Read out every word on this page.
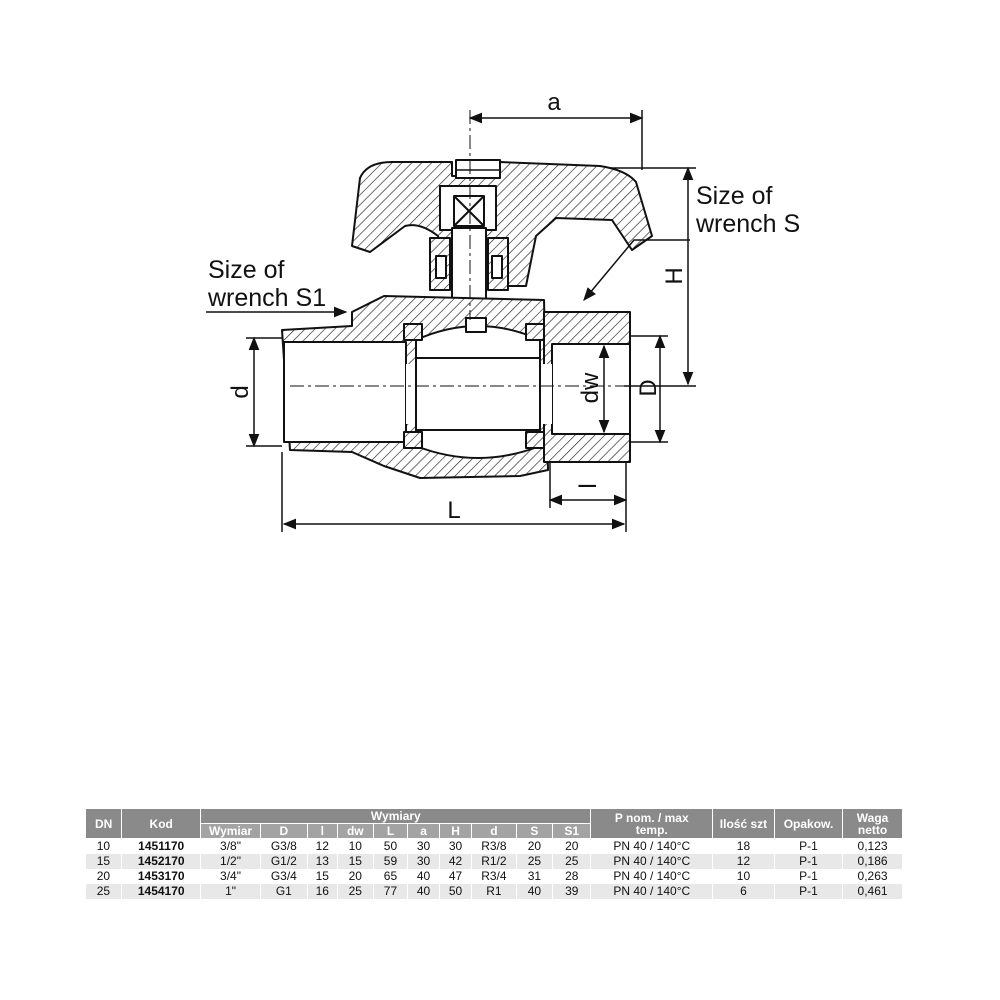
a
Size of
wrench S
Size of
wrench S1
H
d	dw D
l
L
DN	Kod	Wymiary										P nom. / max
temp.	Ilość szt	Opakow.	Waga
netto
		Wymiar	D	l	dw	L	a	H	d	S	S1				
10	1451170	3/8"	G3/8	12	10	50	30	30	R3/8	20	20	PN 40 / 140°C	18	P-1	0,123
15	1452170	1/2"	G1/2	13	15	59	30	42	R1/2	25	25	PN 40 / 140°C	12	P-1	0,186
20	1453170	3/4"	G3/4	15	20	65	40	47	R3/4	31	28	PN 40 / 140°C	10	P-1	0,263
25	1454170	1"	G1	16	25	77	40	50	R1	40	39	PN 40 / 140°C	6	P-1	0,461
